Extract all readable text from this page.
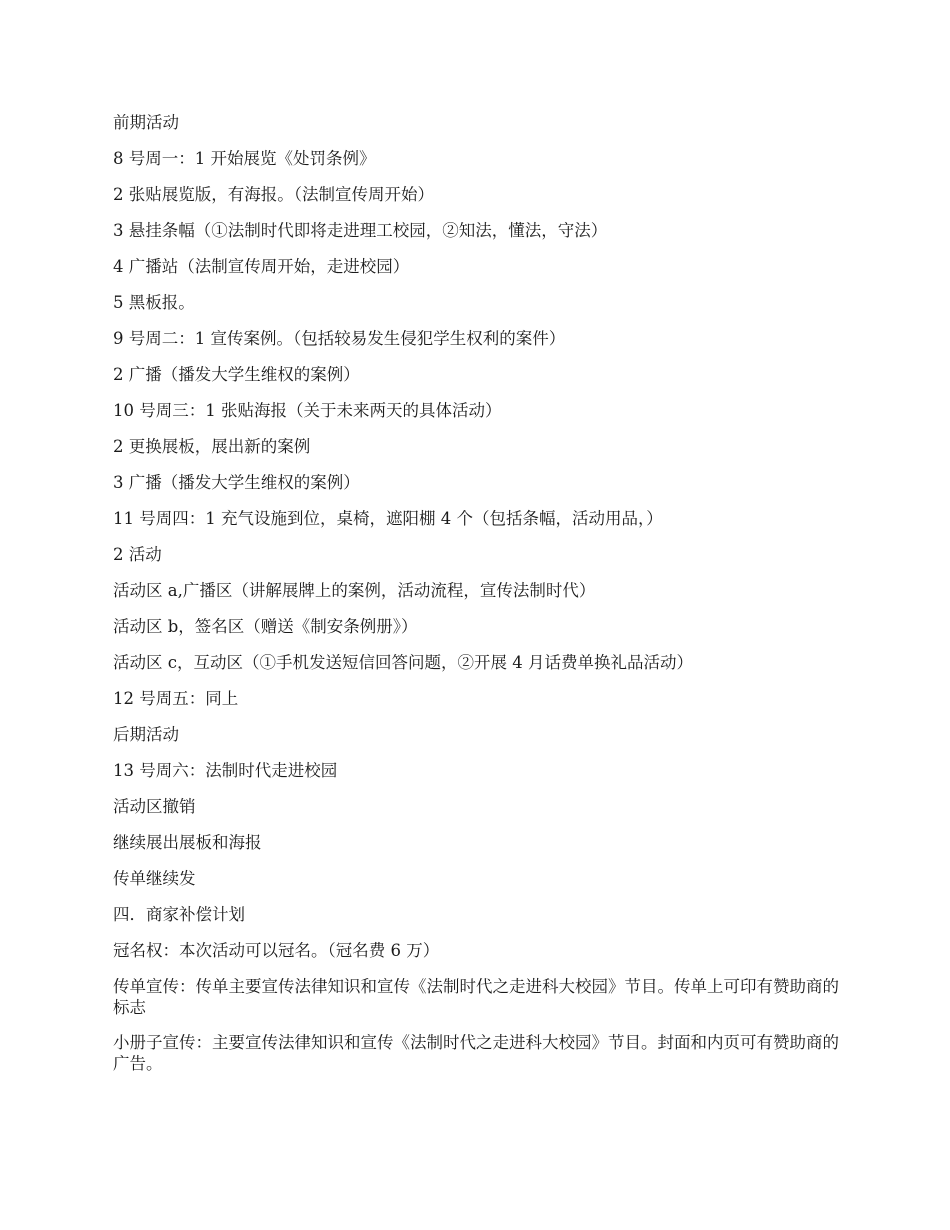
前期活动

8 号周一：1 开始展览《处罚条例》

2 张贴展览版，有海报。（法制宣传周开始）

3 悬挂条幅（①法制时代即将走进理工校园，②知法，懂法，守法）

4 广播站（法制宣传周开始，走进校园）

5 黑板报。

9 号周二：1 宣传案例。（包括较易发生侵犯学生权利的案件）

2 广播（播发大学生维权的案例）

10 号周三：1 张贴海报（关于未来两天的具体活动）

2 更换展板，展出新的案例

3 广播（播发大学生维权的案例）

11 号周四：1 充气设施到位，桌椅，遮阳棚 4 个（包括条幅，活动用品，）

2 活动

活动区 a,广播区（讲解展牌上的案例，活动流程，宣传法制时代）

活动区 b，签名区（赠送《制安条例册》）

活动区 c，互动区（①手机发送短信回答问题，②开展 4 月话费单换礼品活动）

12 号周五：同上

后期活动

13 号周六：法制时代走进校园

活动区撤销

继续展出展板和海报

传单继续发

四．商家补偿计划

冠名权：本次活动可以冠名。（冠名费 6 万）

传单宣传：传单主要宣传法律知识和宣传《法制时代之走进科大校园》节目。传单上可印有赞助商的标志

小册子宣传：主要宣传法律知识和宣传《法制时代之走进科大校园》节目。封面和内页可有赞助商的广告。
